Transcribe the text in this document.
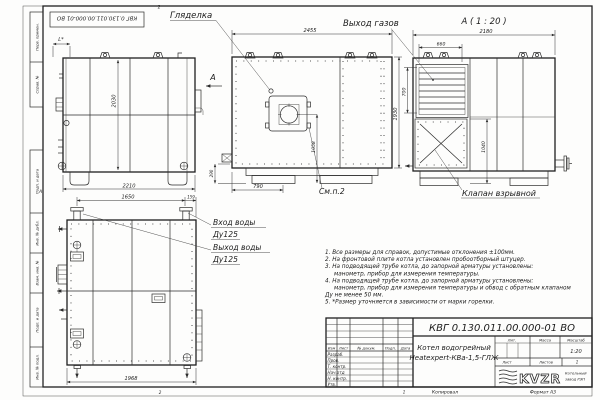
Перв. примен.
Справ. №
Подп. и дата
Инв. № дубл.
Взам. инв. №
Подп. и дата
Инв. № подл.
А
2
2
КВГ 0.130.011.00.000-01 ВО
2030
2210
L*
А
Гляделка
2455
1930
1058
790
290
См.п.2
А ( 1 : 20 )
Выход газов
Клапан взрывной
2180
660
700
1040
1650	159
1968
Вход воды
Ду125
Выход воды
Ду125
1. Все размеры для справок, допустимые отклонения ±100мм.
2. На фронтовой плите котла установлен пробоотборный штуцер.
3. На подводящей трубе котла, до запорной арматуры установлены:
манометр, прибор для измерения температуры.
4. На подводящей трубе котла, до запорной арматуры установлены:
манометр, прибор для измерения температуры и обвод с обратным клапаном
Ду не менее 50 мм.
5. *Размер уточняется в зависимости от марки горелки.
Изм Лист № докум.	Подп. Дата
Разраб.
Пров.
Т. контр.
Нач.отд
Н. контр.
Утв.
КВГ 0.130.011.00.000-01 ВО
Котел водогрейный
Heatexpert-КВа-1,5-ГЛЖ
Лит.	Масса	Масштаб
1:20
Лист	Листов	1
KVZR Котельный
завод РЭП
1	Копировал	Формат А3
